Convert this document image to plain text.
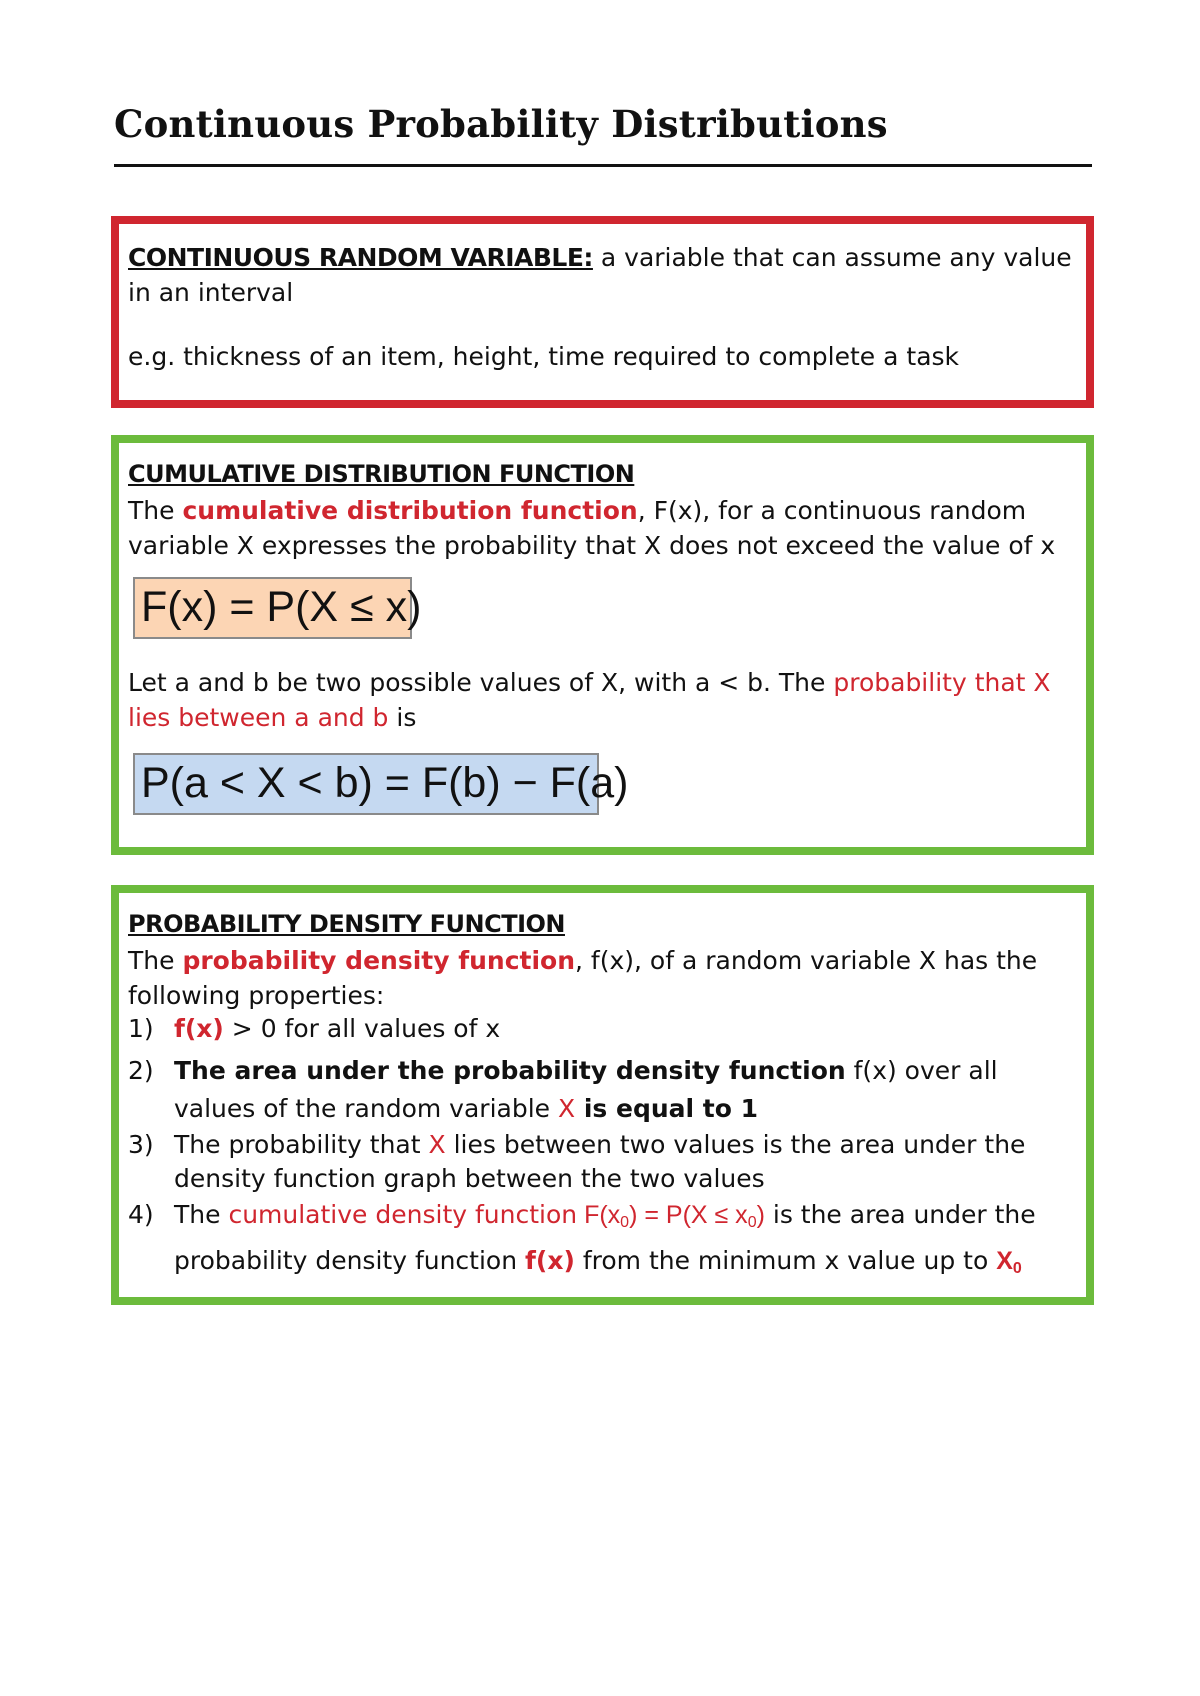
Continuous Probability Distributions

CONTINUOUS RANDOM VARIABLE: a variable that can assume any value in an interval

e.g. thickness of an item, height, time required to complete a task

CUMULATIVE DISTRIBUTION FUNCTION

The cumulative distribution function, F(x), for a continuous random variable X expresses the probability that X does not exceed the value of x

F(x) = P(X ≤ x)

Let a and b be two possible values of X, with a < b. The probability that X lies between a and b is

P(a < X < b) = F(b) − F(a)

PROBABILITY DENSITY FUNCTION

The probability density function, f(x), of a random variable X has the following properties:

1) f(x) > 0 for all values of x
2) The area under the probability density function f(x) over all values of the random variable X is equal to 1
3) The probability that X lies between two values is the area under the density function graph between the two values
4) The cumulative density function $F(x_0) = P(X \le x_0)$ is the area under the probability density function f(x) from the minimum x value up to $X_0$
